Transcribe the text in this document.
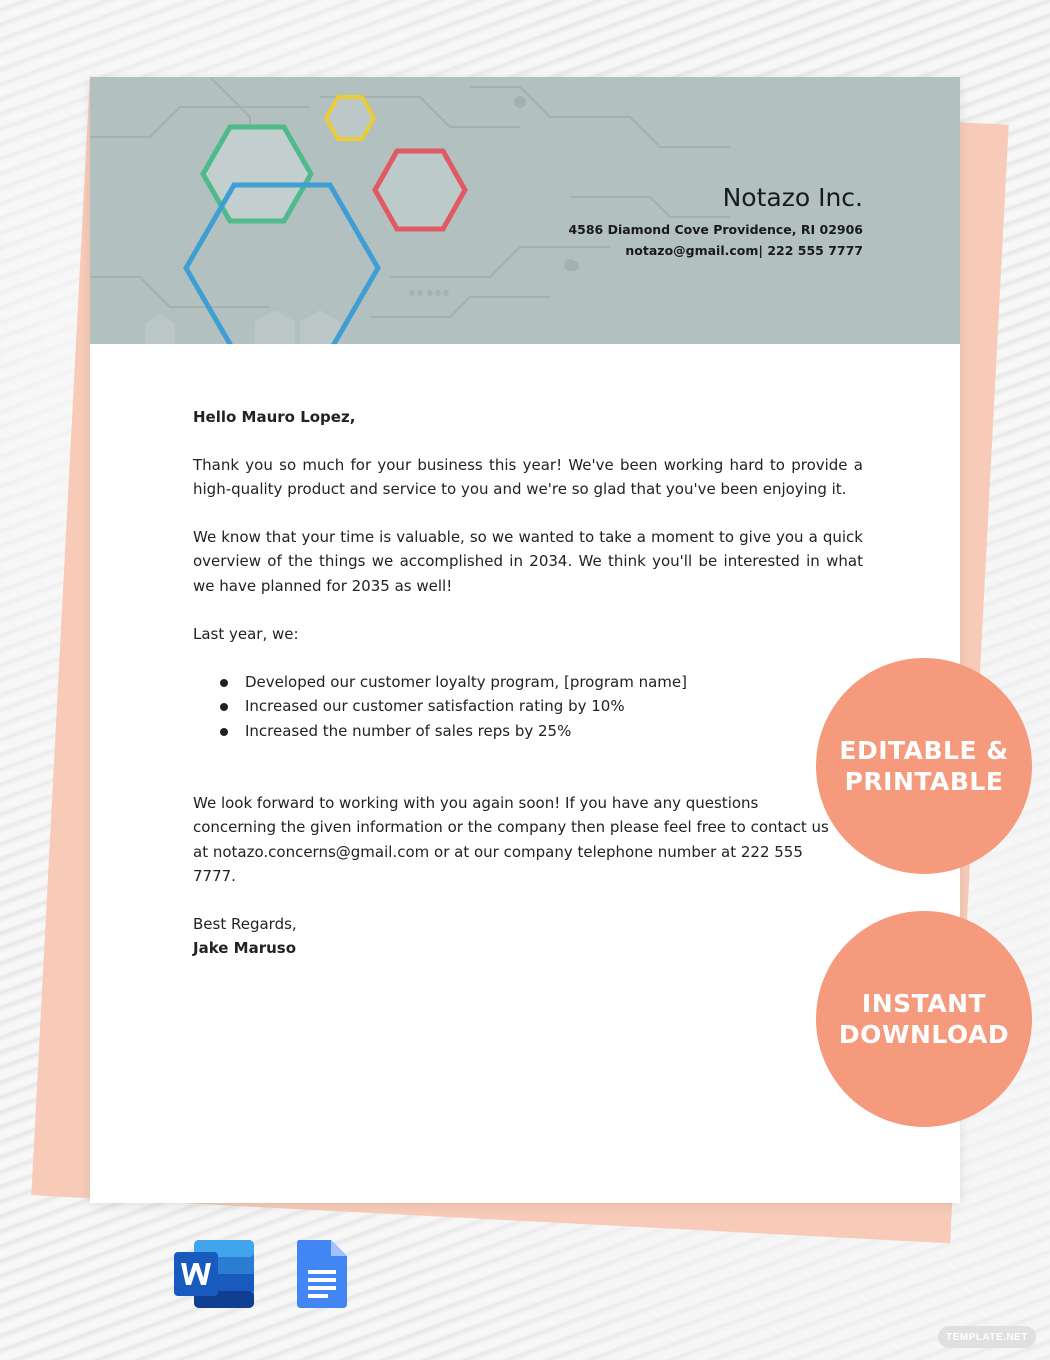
Notazo Inc.
4586 Diamond Cove Providence, RI 02906
notazo@gmail.com| 222 555 7777
Hello Mauro Lopez,
Thank you so much for your business this year! We've been working hard to provide a high-quality product and service to you and we're so glad that you've been enjoying it.
We know that your time is valuable, so we wanted to take a moment to give you a quick overview of the things we accomplished in 2034. We think you'll be interested in what we have planned for 2035 as well!
Last year, we:
Developed our customer loyalty program, [program name]
Increased our customer satisfaction rating by 10%
Increased the number of sales reps by 25%
We look forward to working with you again soon! If you have any questions concerning the given information or the company then please feel free to contact us at notazo.concerns@gmail.com or at our company telephone number at 222 555 7777.
Best Regards,
Jake Maruso
EDITABLE &
PRINTABLE
INSTANT
DOWNLOAD
TEMPLATE.NET
